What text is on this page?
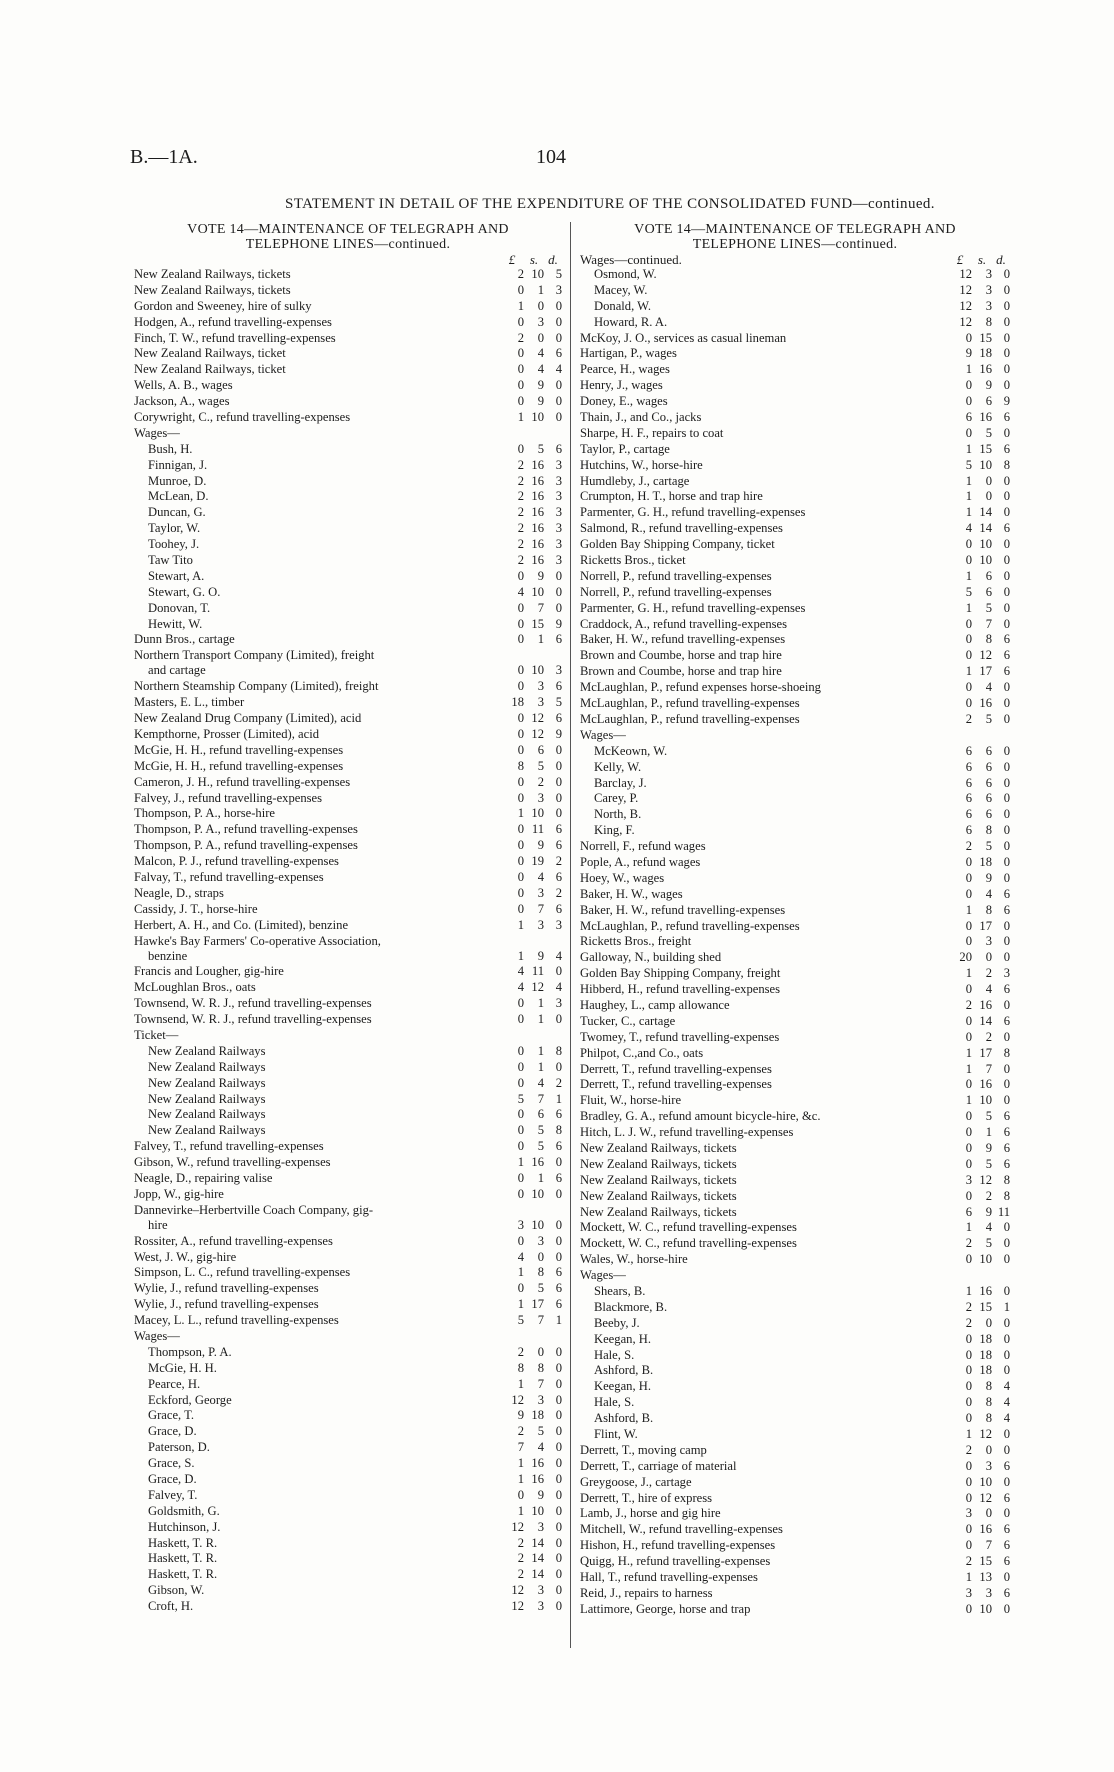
B.—1A.	104
STATEMENT IN DETAIL OF THE EXPENDITURE OF THE CONSOLIDATED FUND—continued.
VOTE 14—MAINTENANCE OF TELEGRAPH AND
TELEPHONE LINES—continued.
£	s. d.
New Zealand Railways, tickets	2 10 5
New Zealand Railways, tickets	0	1 3
Gordon and Sweeney, hire of sulky	1	0 0
Hodgen, A., refund travelling-expenses	0	3 0
Finch, T. W., refund travelling-expenses	2	0 0
New Zealand Railways, ticket	0	4 6
New Zealand Railways, ticket	0	4 4
Wells, A. B., wages	0	9 0
Jackson, A., wages	0	9 0
Corywright, C., refund travelling-expenses	1 10 0
Wages—
Bush, H.	0	5 6
Finnigan, J.	2 16 3
Munroe, D.	2 16 3
McLean, D.	2 16 3
Duncan, G.	2 16 3
Taylor, W.	2 16 3
Toohey, J.	2 16 3
Taw Tito	2 16 3
Stewart, A.	0	9 0
Stewart, G. O.	4 10 0
Donovan, T.	0	7 0
Hewitt, W.	0 15 9
Dunn Bros., cartage	0	1 6
Northern Transport Company (Limited), freight
and cartage	0 10 3
Northern Steamship Company (Limited), freight	0	3 6
Masters, E. L., timber	18	3 5
New Zealand Drug Company (Limited), acid	0 12 6
Kempthorne, Prosser (Limited), acid	0 12 9
McGie, H. H., refund travelling-expenses	0	6 0
McGie, H. H., refund travelling-expenses	8	5 0
Cameron, J. H., refund travelling-expenses	0	2 0
Falvey, J., refund travelling-expenses	0	3 0
Thompson, P. A., horse-hire	1 10 0
Thompson, P. A., refund travelling-expenses	0 11 6
Thompson, P. A., refund travelling-expenses	0	9 6
Malcon, P. J., refund travelling-expenses	0 19 2
Falvay, T., refund travelling-expenses	0	4 6
Neagle, D., straps	0	3 2
Cassidy, J. T., horse-hire	0	7 6
Herbert, A. H., and Co. (Limited), benzine	1	3 3
Hawke's Bay Farmers' Co-operative Association,
benzine	1	9 4
Francis and Lougher, gig-hire	4 11 0
McLoughlan Bros., oats	4 12 4
Townsend, W. R. J., refund travelling-expenses	0	1 3
Townsend, W. R. J., refund travelling-expenses	0	1 0
Ticket—
New Zealand Railways	0	1 8
New Zealand Railways	0	1 0
New Zealand Railways	0	4 2
New Zealand Railways	5	7 1
New Zealand Railways	0	6 6
New Zealand Railways	0	5 8
Falvey, T., refund travelling-expenses	0	5 6
Gibson, W., refund travelling-expenses	1 16 0
Neagle, D., repairing valise	0	1 6
Jopp, W., gig-hire	0 10 0
Dannevirke–Herbertville Coach Company, gig-
hire	3 10 0
Rossiter, A., refund travelling-expenses	0	3 0
West, J. W., gig-hire	4	0 0
Simpson, L. C., refund travelling-expenses	1	8 6
Wylie, J., refund travelling-expenses	0	5 6
Wylie, J., refund travelling-expenses	1 17 6
Macey, L. L., refund travelling-expenses	5	7 1
Wages—
Thompson, P. A.	2	0 0
McGie, H. H.	8	8 0
Pearce, H.	1	7 0
Eckford, George	12	3 0
Grace, T.	9 18 0
Grace, D.	2	5 0
Paterson, D.	7	4 0
Grace, S.	1 16 0
Grace, D.	1 16 0
Falvey, T.	0	9 0
Goldsmith, G.	1 10 0
Hutchinson, J.	12	3 0
Haskett, T. R.	2 14 0
Haskett, T. R.	2 14 0
Haskett, T. R.	2 14 0
Gibson, W.	12	3 0
Croft, H.	12	3 0
VOTE 14—MAINTENANCE OF TELEGRAPH AND
TELEPHONE LINES—continued.
Wages—continued.	£	s. d.
Osmond, W.	12	3 0
Macey, W.	12	3 0
Donald, W.	12	3 0
Howard, R. A.	12	8 0
McKoy, J. O., services as casual lineman	0 15 0
Hartigan, P., wages	9 18 0
Pearce, H., wages	1 16 0
Henry, J., wages	0	9 0
Doney, E., wages	0	6 9
Thain, J., and Co., jacks	6 16 6
Sharpe, H. F., repairs to coat	0	5 0
Taylor, P., cartage	1 15 6
Hutchins, W., horse-hire	5 10 8
Humdleby, J., cartage	1	0 0
Crumpton, H. T., horse and trap hire	1	0 0
Parmenter, G. H., refund travelling-expenses	1 14 0
Salmond, R., refund travelling-expenses	4 14 6
Golden Bay Shipping Company, ticket	0 10 0
Ricketts Bros., ticket	0 10 0
Norrell, P., refund travelling-expenses	1	6 0
Norrell, P., refund travelling-expenses	5	6 0
Parmenter, G. H., refund travelling-expenses	1	5 0
Craddock, A., refund travelling-expenses	0	7 0
Baker, H. W., refund travelling-expenses	0	8 6
Brown and Coumbe, horse and trap hire	0 12 6
Brown and Coumbe, horse and trap hire	1 17 6
McLaughlan, P., refund expenses horse-shoeing	0	4 0
McLaughlan, P., refund travelling-expenses	0 16 0
McLaughlan, P., refund travelling-expenses	2	5 0
Wages—
McKeown, W.	6	6 0
Kelly, W.	6	6 0
Barclay, J.	6	6 0
Carey, P.	6	6 0
North, B.	6	6 0
King, F.	6	8 0
Norrell, F., refund wages	2	5 0
Pople, A., refund wages	0 18 0
Hoey, W., wages	0	9 0
Baker, H. W., wages	0	4 6
Baker, H. W., refund travelling-expenses	1	8 6
McLaughlan, P., refund travelling-expenses	0 17 0
Ricketts Bros., freight	0	3 0
Galloway, N., building shed	20	0 0
Golden Bay Shipping Company, freight	1	2 3
Hibberd, H., refund travelling-expenses	0	4 6
Haughey, L., camp allowance	2 16 0
Tucker, C., cartage	0 14 6
Twomey, T., refund travelling-expenses	0	2 0
Philpot, C.,and Co., oats	1 17 8
Derrett, T., refund travelling-expenses	1	7 0
Derrett, T., refund travelling-expenses	0 16 0
Fluit, W., horse-hire	1 10 0
Bradley, G. A., refund amount bicycle-hire, &c.	0	5 6
Hitch, L. J. W., refund travelling-expenses	0	1 6
New Zealand Railways, tickets	0	9 6
New Zealand Railways, tickets	0	5 6
New Zealand Railways, tickets	3 12 8
New Zealand Railways, tickets	0	2 8
New Zealand Railways, tickets	6	9 11
Mockett, W. C., refund travelling-expenses	1	4 0
Mockett, W. C., refund travelling-expenses	2	5 0
Wales, W., horse-hire	0 10 0
Wages—
Shears, B.	1 16 0
Blackmore, B.	2 15 1
Beeby, J.	2	0 0
Keegan, H.	0 18 0
Hale, S.	0 18 0
Ashford, B.	0 18 0
Keegan, H.	0	8 4
Hale, S.	0	8 4
Ashford, B.	0	8 4
Flint, W.	1 12 0
Derrett, T., moving camp	2	0 0
Derrett, T., carriage of material	0	3 6
Greygoose, J., cartage	0 10 0
Derrett, T., hire of express	0 12 6
Lamb, J., horse and gig hire	3	0 0
Mitchell, W., refund travelling-expenses	0 16 6
Hishon, H., refund travelling-expenses	0	7 6
Quigg, H., refund travelling-expenses	2 15 6
Hall, T., refund travelling-expenses	1 13 0
Reid, J., repairs to harness	3	3 6
Lattimore, George, horse and trap	0 10 0
